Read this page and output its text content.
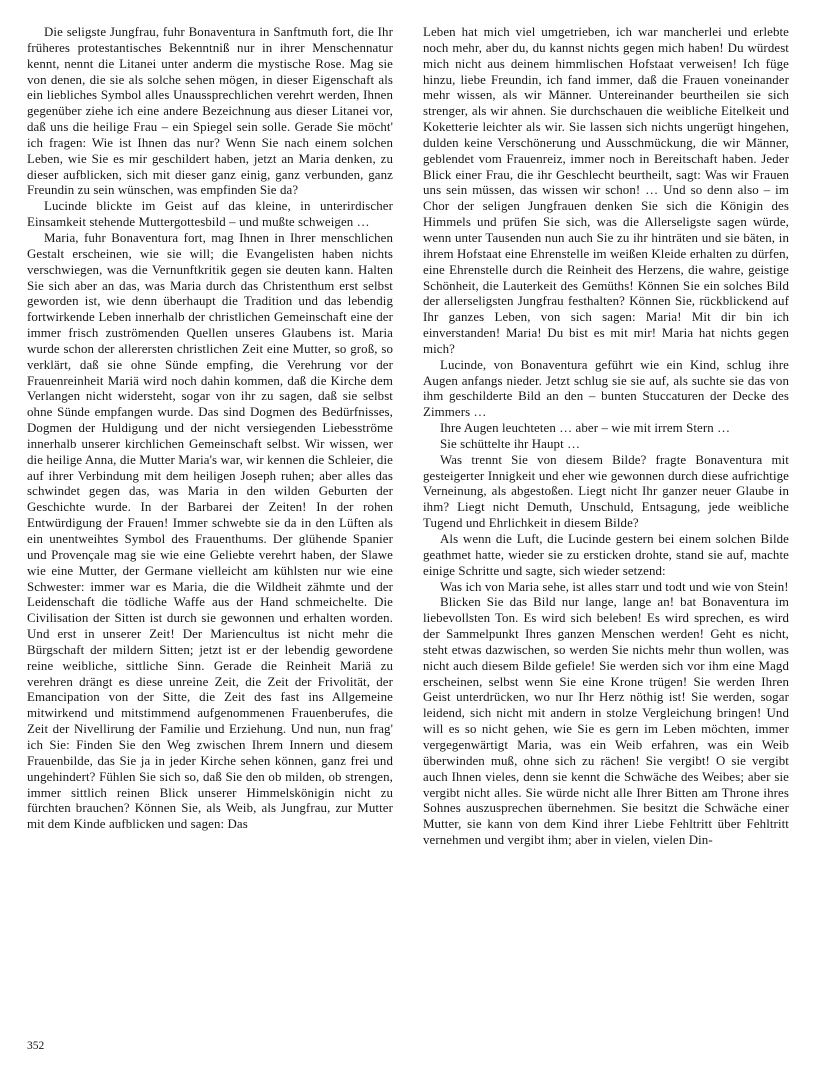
Die seligste Jungfrau, fuhr Bonaventura in Sanftmuth fort, die Ihr früheres protestantisches Bekenntniß nur in ihrer Menschennatur kennt, nennt die Litanei unter anderm die mystische Rose. Mag sie von denen, die sie als solche sehen mögen, in dieser Eigenschaft als ein liebliches Symbol alles Unaussprechlichen verehrt werden, Ihnen gegenüber ziehe ich eine andere Bezeichnung aus dieser Litanei vor, daß uns die heilige Frau – ein Spiegel sein solle. Gerade Sie möcht' ich fragen: Wie ist Ihnen das nur? Wenn Sie nach einem solchen Leben, wie Sie es mir geschildert haben, jetzt an Maria denken, zu dieser aufblicken, sich mit dieser ganz einig, ganz verbunden, ganz Freundin zu sein wünschen, was empfinden Sie da?

Lucinde blickte im Geist auf das kleine, in unterirdischer Einsamkeit stehende Muttergottesbild – und mußte schweigen …

Maria, fuhr Bonaventura fort, mag Ihnen in Ihrer menschlichen Gestalt erscheinen, wie sie will; die Evangelisten haben nichts verschwiegen, was die Vernunftkritik gegen sie deuten kann. Halten Sie sich aber an das, was Maria durch das Christenthum erst selbst geworden ist, wie denn überhaupt die Tradition und das lebendig fortwirkende Leben innerhalb der christlichen Gemeinschaft eine der immer frisch zuströmenden Quellen unseres Glaubens ist. Maria wurde schon der allerersten christlichen Zeit eine Mutter, so groß, so verklärt, daß sie ohne Sünde empfing, die Verehrung vor der Frauenreinheit Mariä wird noch dahin kommen, daß die Kirche dem Verlangen nicht widersteht, sogar von ihr zu sagen, daß sie selbst ohne Sünde empfangen wurde. Das sind Dogmen des Bedürfnisses, Dogmen der Huldigung und der nicht versiegenden Liebesströme innerhalb unserer kirchlichen Gemeinschaft selbst. Wir wissen, wer die heilige Anna, die Mutter Maria's war, wir kennen die Schleier, die auf ihrer Verbindung mit dem heiligen Joseph ruhen; aber alles das schwindet gegen das, was Maria in den wilden Geburten der Geschichte wurde. In der Barbarei der Zeiten! In der rohen Entwürdigung der Frauen! Immer schwebte sie da in den Lüften als ein unentweihtes Symbol des Frauenthums. Der glühende Spanier und Provençale mag sie wie eine Geliebte verehrt haben, der Slawe wie eine Mutter, der Germane vielleicht am kühlsten nur wie eine Schwester: immer war es Maria, die die Wildheit zähmte und der Leidenschaft die tödliche Waffe aus der Hand schmeichelte. Die Civilisation der Sitten ist durch sie gewonnen und erhalten worden. Und erst in unserer Zeit! Der Mariencultus ist nicht mehr die Bürgschaft der mildern Sitten; jetzt ist er der lebendig gewordene reine weibliche, sittliche Sinn. Gerade die Reinheit Mariä zu verehren drängt es diese unreine Zeit, die Zeit der Frivolität, der Emancipation von der Sitte, die Zeit des fast ins Allgemeine mitwirkend und mitstimmend aufgenommenen Frauenberufes, die Zeit der Nivellirung der Familie und Erziehung. Und nun, nun frag' ich Sie: Finden Sie den Weg zwischen Ihrem Innern und diesem Frauenbilde, das Sie ja in jeder Kirche sehen können, ganz frei und ungehindert? Fühlen Sie sich so, daß Sie den ob milden, ob strengen, immer sittlich reinen Blick unserer Himmelskönigin nicht zu fürchten brauchen? Können Sie, als Weib, als Jungfrau, zur Mutter mit dem Kinde aufblicken und sagen: Das

Leben hat mich viel umgetrieben, ich war mancherlei und erlebte noch mehr, aber du, du kannst nichts gegen mich haben! Du würdest mich nicht aus deinem himmlischen Hofstaat verweisen! Ich füge hinzu, liebe Freundin, ich fand immer, daß die Frauen voneinander mehr wissen, als wir Männer. Untereinander beurtheilen sie sich strenger, als wir ahnen. Sie durchschauen die weibliche Eitelkeit und Koketterie leichter als wir. Sie lassen sich nichts ungerügt hingehen, dulden keine Verschönerung und Ausschmückung, die wir Männer, geblendet vom Frauenreiz, immer noch in Bereitschaft haben. Jeder Blick einer Frau, die ihr Geschlecht beurtheilt, sagt: Was wir Frauen uns sein müssen, das wissen wir schon! … Und so denn also – im Chor der seligen Jungfrauen denken Sie sich die Königin des Himmels und prüfen Sie sich, was die Allerseligste sagen würde, wenn unter Tausenden nun auch Sie zu ihr hinträten und sie bäten, in ihrem Hofstaat eine Ehrenstelle im weißen Kleide erhalten zu dürfen, eine Ehrenstelle durch die Reinheit des Herzens, die wahre, geistige Schönheit, die Lauterkeit des Gemüths! Können Sie ein solches Bild der allerseligsten Jungfrau festhalten? Können Sie, rückblickend auf Ihr ganzes Leben, von sich sagen: Maria! Mit dir bin ich einverstanden! Maria! Du bist es mit mir! Maria hat nichts gegen mich?

Lucinde, von Bonaventura geführt wie ein Kind, schlug ihre Augen anfangs nieder. Jetzt schlug sie sie auf, als suchte sie das von ihm geschilderte Bild an den – bunten Stuccaturen der Decke des Zimmers …

Ihre Augen leuchteten … aber – wie mit irrem Stern …

Sie schüttelte ihr Haupt …

Was trennt Sie von diesem Bilde? fragte Bonaventura mit gesteigerter Innigkeit und eher wie gewonnen durch diese aufrichtige Verneinung, als abgestoßen. Liegt nicht Ihr ganzer neuer Glaube in ihm? Liegt nicht Demuth, Unschuld, Entsagung, jede weibliche Tugend und Ehrlichkeit in diesem Bilde?

Als wenn die Luft, die Lucinde gestern bei einem solchen Bilde geathmet hatte, wieder sie zu ersticken drohte, stand sie auf, machte einige Schritte und sagte, sich wieder setzend:

Was ich von Maria sehe, ist alles starr und todt und wie von Stein!

Blicken Sie das Bild nur lange, lange an! bat Bonaventura im liebevollsten Ton. Es wird sich beleben! Es wird sprechen, es wird der Sammelpunkt Ihres ganzen Menschen werden! Geht es nicht, steht etwas dazwischen, so werden Sie nichts mehr thun wollen, was nicht auch diesem Bilde gefiele! Sie werden sich vor ihm eine Magd erscheinen, selbst wenn Sie eine Krone trügen! Sie werden Ihren Geist unterdrücken, wo nur Ihr Herz nöthig ist! Sie werden, sogar leidend, sich nicht mit andern in stolze Vergleichung bringen! Und will es so nicht gehen, wie Sie es gern im Leben möchten, immer vergegenwärtigt Maria, was ein Weib erfahren, was ein Weib überwinden muß, ohne sich zu rächen! Sie vergibt! O sie vergibt auch Ihnen vieles, denn sie kennt die Schwäche des Weibes; aber sie vergibt nicht alles. Sie würde nicht alle Ihrer Bitten am Throne ihres Sohnes auszusprechen übernehmen. Sie besitzt die Schwäche einer Mutter, sie kann von dem Kind ihrer Liebe Fehltritt über Fehltritt vernehmen und vergibt ihm; aber in vielen, vielen Din-

352
